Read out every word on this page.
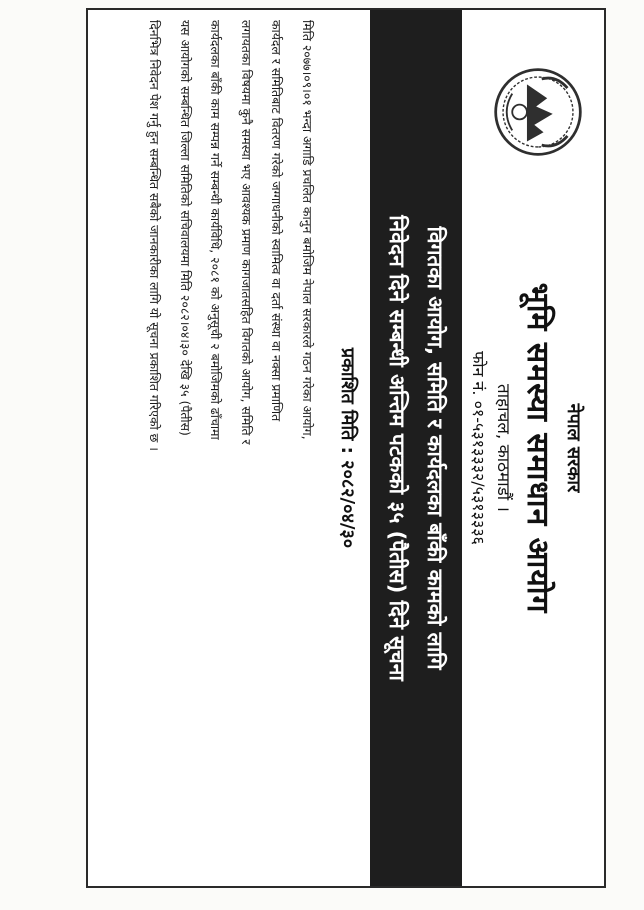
नेपाल सरकार
भूमि समस्या समाधान आयोग
ताहाचल, काठमाडौं ।
फोन नं. ०१-५३१३३३२/५३१३३३६
विगतका आयोग, समिति र कार्यदलका बाँकी कामको लागि
निवेदन दिने सम्बन्धी अन्तिम पटकको ३५ (पैतीस) दिने सूचना
प्रकाशित मिति : २०८२/०४/३०
मिति २०७७।०९।०१ भन्दा अगाडि प्रचलित कानुन बमोजिम नेपाल सरकारले गठन गरेका आयोग,
कार्यदल र समितिबाट वितरण गरेको जग्गाधनीको स्वामित्व वा दर्ता संस्था वा नक्सा प्रमाणित
लगायतका विषयमा कुनै समस्या भए आवश्यक प्रमाण कागजातसहित विगतको आयोग, समिति र
कार्यदलका बाँकी काम सम्पन्न गर्ने सम्बन्धी कार्यविधि, २०८१ को अनुसूची २ बमोजिमको ढाँचामा
यस आयोगको सम्बन्धित जिल्ला समितिको सचिवालयमा मिति २०८२।०४।३० देखि ३५ (पैतीस)
दिनभित्र निवेदन पेश गर्नु हुन सम्बन्धित सबैको जानकारीका लागि यो सूचना प्रकाशित गरिएको छ ।
